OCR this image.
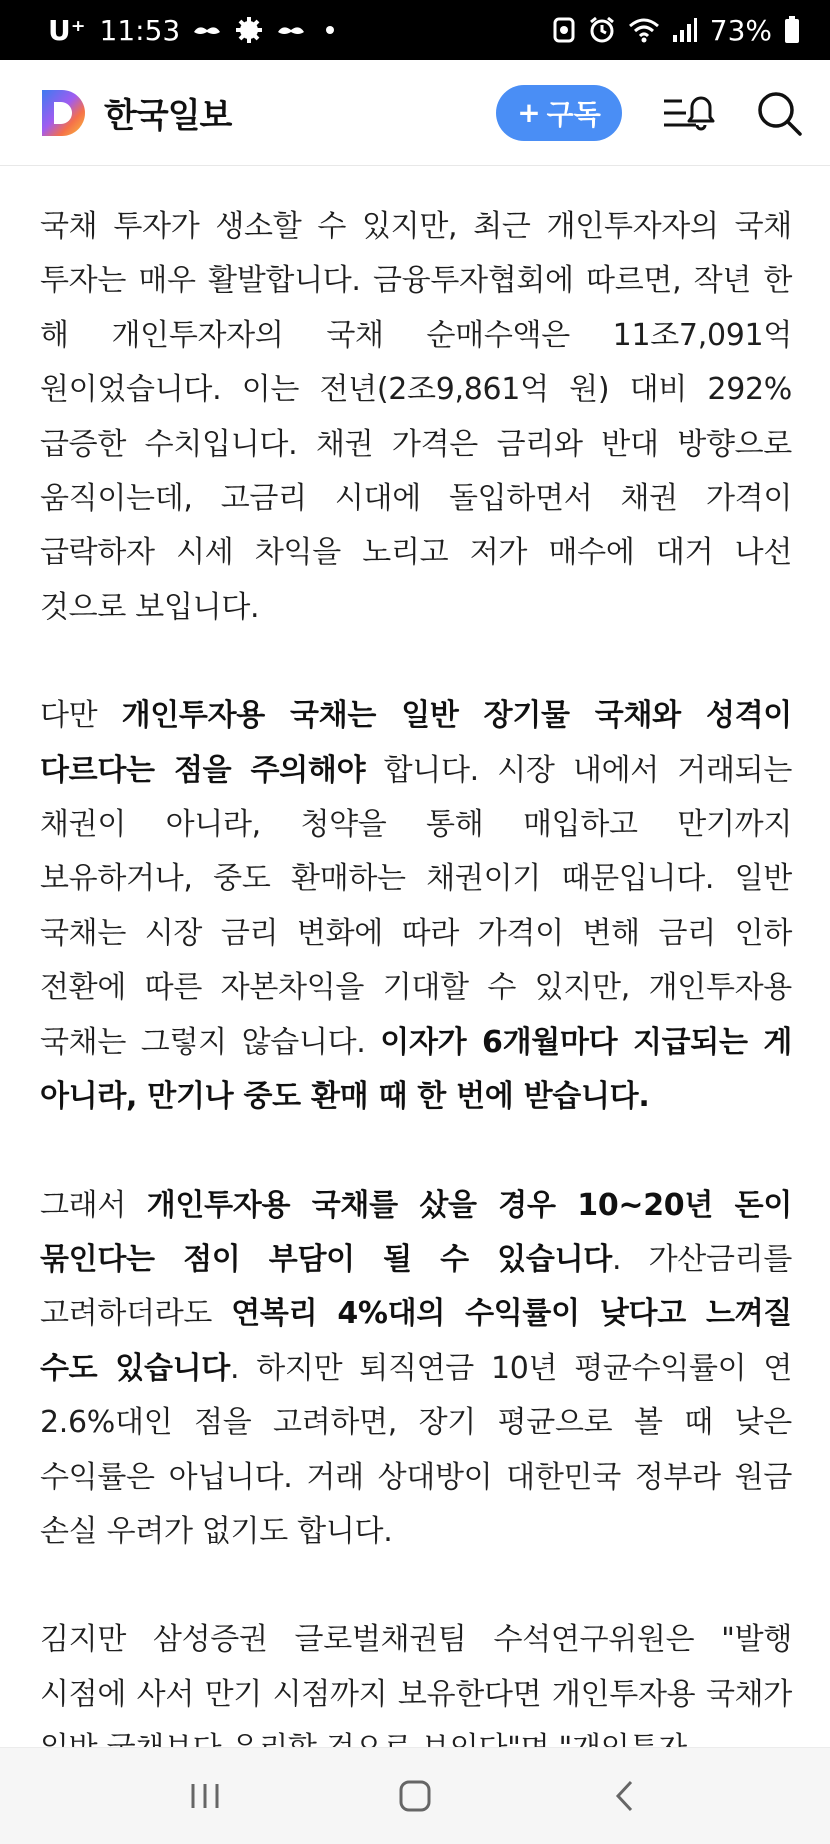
U⁺ 11:53	73%
한국일보	+ 구독

국채 투자가 생소할 수 있지만, 최근 개인투자자의 국채 투자는 매우 활발합니다. 금융투자협회에 따르면, 작년 한 해 개인투자자의 국채 순매수액은 11조7,091억 원이었습니다. 이는 전년(2조9,861억 원) 대비 292% 급증한 수치입니다. 채권 가격은 금리와 반대 방향으로 움직이는데, 고금리 시대에 돌입하면서 채권 가격이 급락하자 시세 차익을 노리고 저가 매수에 대거 나선 것으로 보입니다.

다만 개인투자용 국채는 일반 장기물 국채와 성격이 다르다는 점을 주의해야 합니다. 시장 내에서 거래되는 채권이 아니라, 청약을 통해 매입하고 만기까지 보유하거나, 중도 환매하는 채권이기 때문입니다. 일반 국채는 시장 금리 변화에 따라 가격이 변해 금리 인하 전환에 따른 자본차익을 기대할 수 있지만, 개인투자용 국채는 그렇지 않습니다. 이자가 6개월마다 지급되는 게 아니라, 만기나 중도 환매 때 한 번에 받습니다.

그래서 개인투자용 국채를 샀을 경우 10~20년 돈이 묶인다는 점이 부담이 될 수 있습니다. 가산금리를 고려하더라도 연복리 4%대의 수익률이 낮다고 느껴질 수도 있습니다. 하지만 퇴직연금 10년 평균수익률이 연 2.6%대인 점을 고려하면, 장기 평균으로 볼 때 낮은 수익률은 아닙니다. 거래 상대방이 대한민국 정부라 원금 손실 우려가 없기도 합니다.

김지만 삼성증권 글로벌채권팀 수석연구위원은 "발행 시점에 사서 만기 시점까지 보유한다면 개인투자용 국채가
